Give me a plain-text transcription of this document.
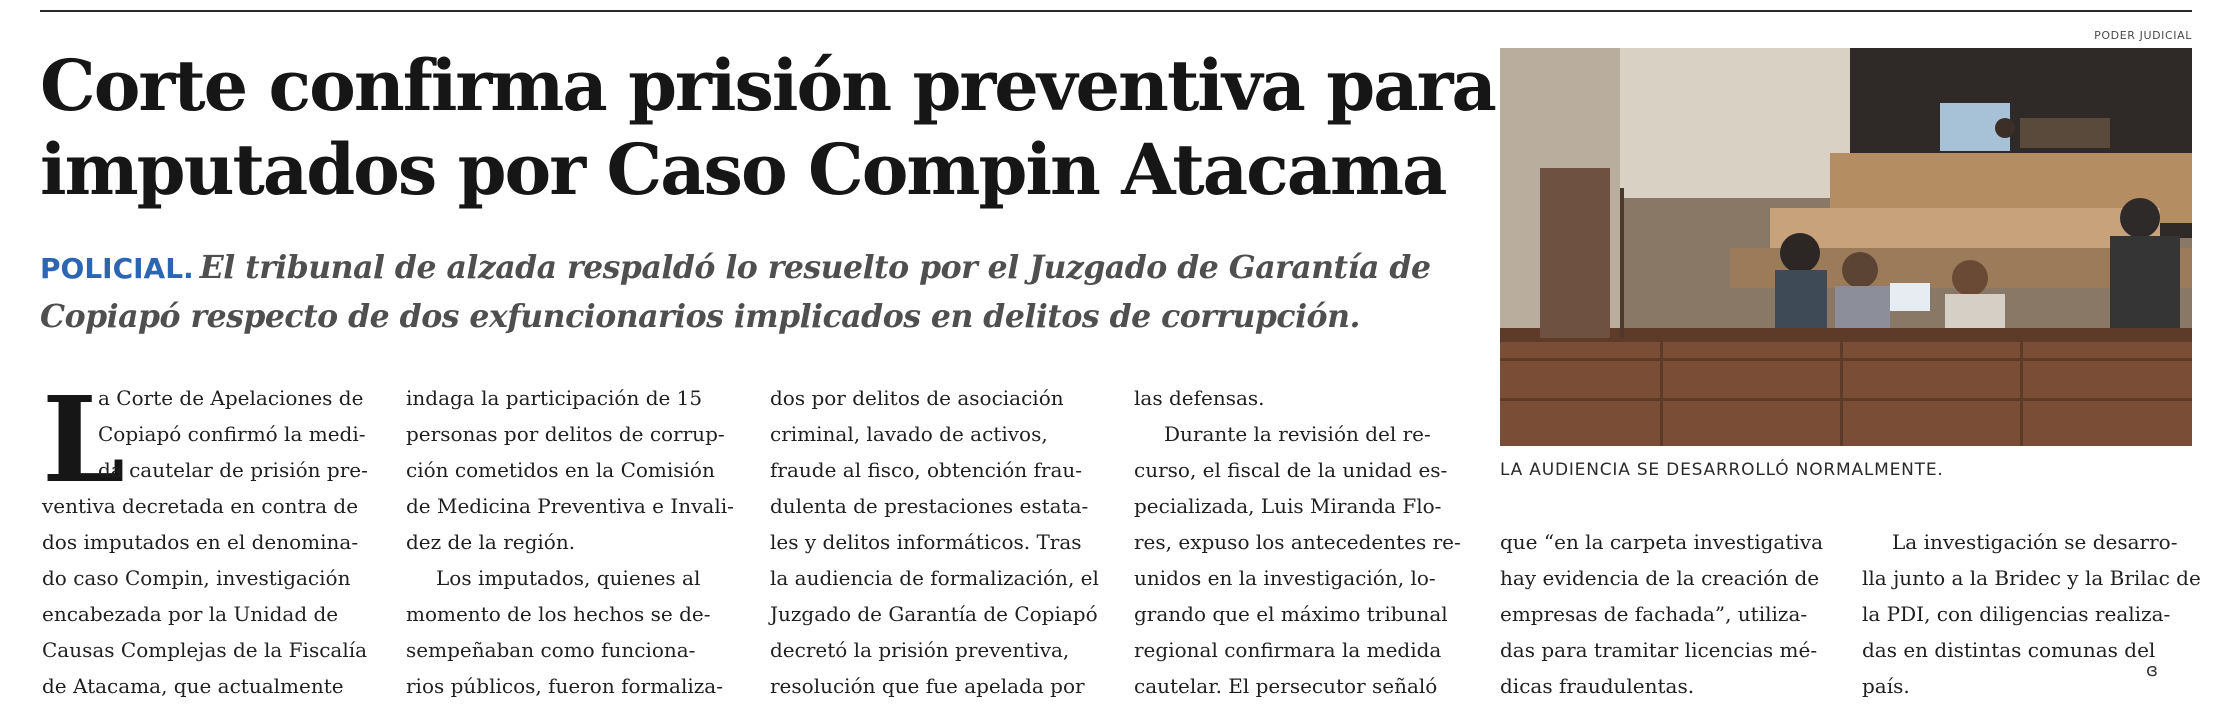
Corte confirma prisión preventiva para
imputados por Caso Compin Atacama
POLICIAL. El tribunal de alzada respaldó lo resuelto por el Juzgado de Garantía de
Copiapó respecto de dos exfuncionarios implicados en delitos de corrupción.
L
a Corte de Apelaciones de
Copiapó confirmó la medi-
da cautelar de prisión pre-
ventiva decretada en contra de
dos imputados en el denomina-
do caso Compin, investigación
encabezada por la Unidad de
Causas Complejas de la Fiscalía
de Atacama, que actualmente
indaga la participación de 15
personas por delitos de corrup-
ción cometidos en la Comisión
de Medicina Preventiva e Invali-
dez de la región.
Los imputados, quienes al
momento de los hechos se de-
sempeñaban como funciona-
rios públicos, fueron formaliza-
dos por delitos de asociación
criminal, lavado de activos,
fraude al fisco, obtención frau-
dulenta de prestaciones estata-
les y delitos informáticos. Tras
la audiencia de formalización, el
Juzgado de Garantía de Copiapó
decretó la prisión preventiva,
resolución que fue apelada por
las defensas.
Durante la revisión del re-
curso, el fiscal de la unidad es-
pecializada, Luis Miranda Flo-
res, expuso los antecedentes re-
unidos en la investigación, lo-
grando que el máximo tribunal
regional confirmara la medida
cautelar. El persecutor señaló
que “en la carpeta investigativa
hay evidencia de la creación de
empresas de fachada”, utiliza-
das para tramitar licencias mé-
dicas fraudulentas.
La investigación se desarro-
lla junto a la Bridec y la Brilac de
la PDI, con diligencias realiza-
das en distintas comunas del
país.
PODER JUDICIAL
LA AUDIENCIA SE DESARROLLÓ NORMALMENTE.
ɞ
